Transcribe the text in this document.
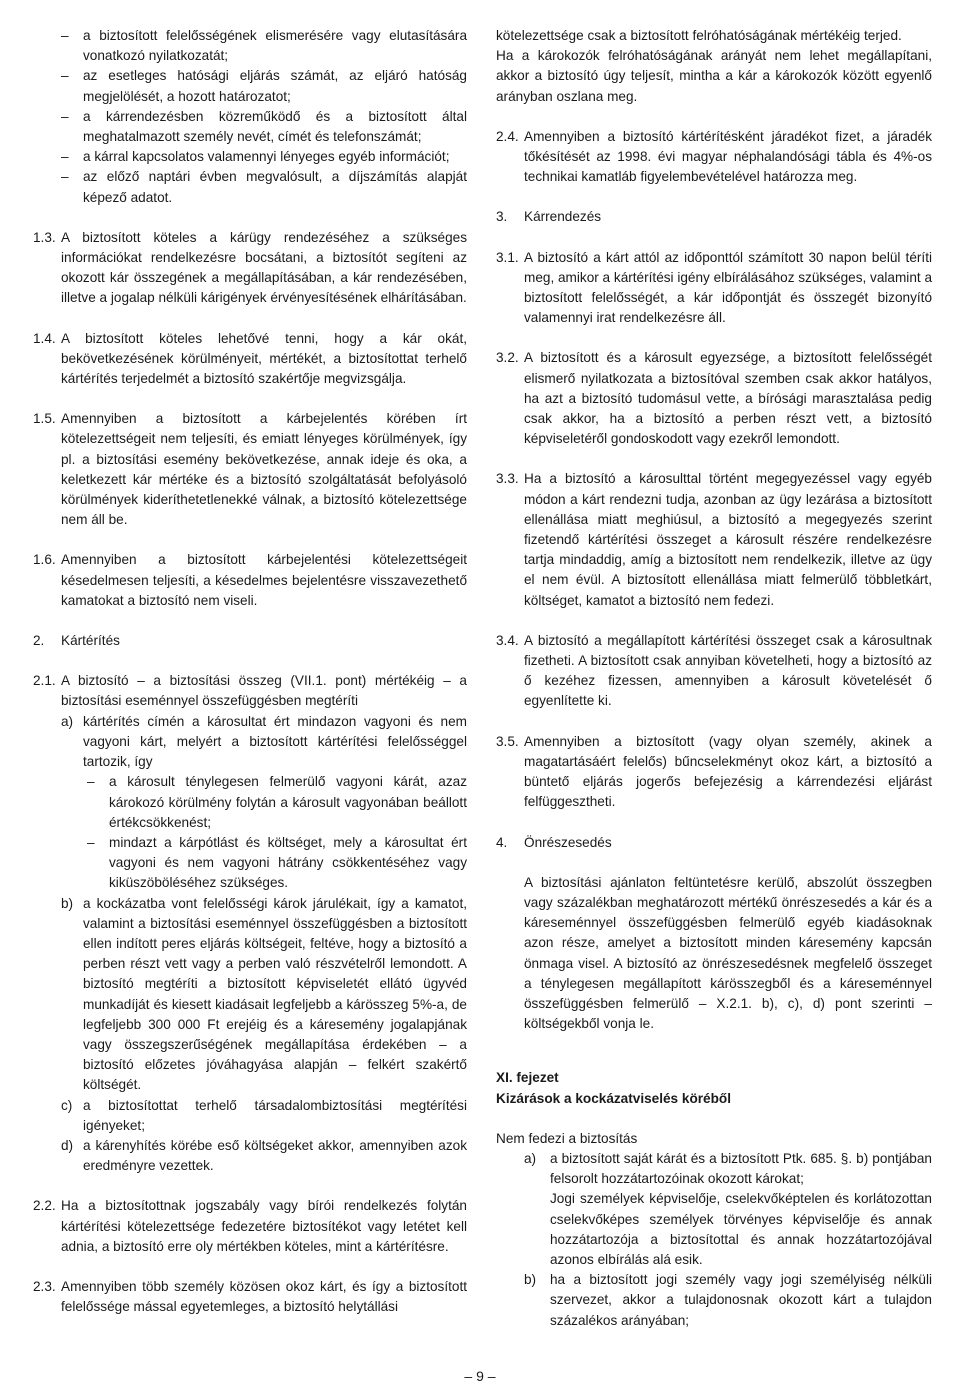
– a biztosított felelősségének elismerésére vagy elutasítására vonatkozó nyilatkozatát;
– az esetleges hatósági eljárás számát, az eljáró hatóság megjelölését, a hozott határozatot;
– a kárrendezésben közreműködő és a biztosított által meghatalmazott személy nevét, címét és telefonszámát;
– a kárral kapcsolatos valamennyi lényeges egyéb információt;
– az előző naptári évben megvalósult, a díjszámítás alapját képező adatot.
1.3. A biztosított köteles a kárügy rendezéséhez a szükséges információkat rendelkezésre bocsátani, a biztosítót segíteni az okozott kár összegének a megállapításában, a kár rendezésében, illetve a jogalap nélküli kárigények érvényesítésének elhárításában.
1.4. A biztosított köteles lehetővé tenni, hogy a kár okát, bekövetkezésének körülményeit, mértékét, a biztosítottat terhelő kártérítés terjedelmét a biztosító szakértője megvizsgálja.
1.5. Amennyiben a biztosított a kárbejelentés körében írt kötelezettségeit nem teljesíti, és emiatt lényeges körülmények, így pl. a biztosítási esemény bekövetkezése, annak ideje és oka, a keletkezett kár mértéke és a biztosító szolgáltatását befolyásoló körülmények kideríthetetlenekké válnak, a biztosító kötelezettsége nem áll be.
1.6. Amennyiben a biztosított kárbejelentési kötelezettségeit késedelmesen teljesíti, a késedelmes bejelentésre visszavezethető kamatokat a biztosító nem viseli.
2. Kártérítés
2.1. A biztosító – a biztosítási összeg (VII.1. pont) mértékéig – a biztosítási eseménnyel összefüggésben megtéríti
a) kártérítés címén a károsultat ért mindazon vagyoni és nem vagyoni kárt, melyért a biztosított kártérítési felelősséggel tartozik, így
– a károsult ténylegesen felmerülő vagyoni kárát, azaz károkozó körülmény folytán a károsult vagyonában beállott értékcsökkenést;
– mindazt a kárpótlást és költséget, mely a károsultat ért vagyoni és nem vagyoni hátrány csökkentéséhez vagy kiküszöböléséhez szükséges.
b) a kockázatba vont felelősségi károk járulékait, így a kamatot, valamint a biztosítási eseménnyel összefüggésben a biztosított ellen indított peres eljárás költségeit, feltéve, hogy a biztosító a perben részt vett vagy a perben való részvételről lemondott. A biztosító megtéríti a biztosított képviseletét ellátó ügyvéd munkadíját és kiesett kiadásait legfeljebb a kárösszeg 5%-a, de legfeljebb 300 000 Ft erejéig és a káresemény jogalapjának vagy összegszerűségének megállapítása érdekében – a biztosító előzetes jóváhagyása alapján – felkért szakértő költségét.
c) a biztosítottat terhelő társadalombiztosítási megtérítési igényeket;
d) a kárenyhítés körébe eső költségeket akkor, amennyiben azok eredményre vezettek.
2.2. Ha a biztosítottnak jogszabály vagy bírói rendelkezés folytán kártérítési kötelezettsége fedezetére biztosítékot vagy letétet kell adnia, a biztosító erre oly mértékben köteles, mint a kártérítésre.
2.3. Amennyiben több személy közösen okoz kárt, és így a biztosított felelőssége mással egyetemleges, a biztosító helytállási

kötelezettsége csak a biztosított felróhatóságának mértékéig terjed.

Ha a károkozók felróhatóságának arányát nem lehet megállapítani, akkor a biztosító úgy teljesít, mintha a kár a károkozók között egyenlő arányban oszlana meg.

2.4. Amennyiben a biztosító kártérítésként járadékot fizet, a járadék tőkésítését az 1998. évi magyar néphalandósági tábla és 4%-os technikai kamatláb figyelembevételével határozza meg.
3. Kárrendezés
3.1. A biztosító a kárt attól az időponttól számított 30 napon belül téríti meg, amikor a kártérítési igény elbírálásához szükséges, valamint a biztosított felelősségét, a kár időpontját és összegét bizonyító valamennyi irat rendelkezésre áll.
3.2. A biztosított és a károsult egyezsége, a biztosított felelősségét elismerő nyilatkozata a biztosítóval szemben csak akkor hatályos, ha azt a biztosító tudomásul vette, a bírósági marasztalása pedig csak akkor, ha a biztosító a perben részt vett, a biztosító képviseletéről gondoskodott vagy ezekről lemondott.
3.3. Ha a biztosító a károsulttal történt megegyezéssel vagy egyéb módon a kárt rendezni tudja, azonban az ügy lezárása a biztosított ellenállása miatt meghiúsul, a biztosító a megegyezés szerint fizetendő kártérítési összeget a károsult részére rendelkezésre tartja mindaddig, amíg a biztosított nem rendelkezik, illetve az ügy el nem évül. A biztosított ellenállása miatt felmerülő többletkárt, költséget, kamatot a biztosító nem fedezi.
3.4. A biztosító a megállapított kártérítési összeget csak a károsultnak fizetheti. A biztosított csak annyiban követelheti, hogy a biztosító az ő kezéhez fizessen, amennyiben a károsult követelését ő egyenlítette ki.
3.5. Amennyiben a biztosított (vagy olyan személy, akinek a magatartásáért felelős) bűncselekményt okoz kárt, a biztosító a büntető eljárás jogerős befejezésig a kárrendezési eljárást felfüggesztheti.
4. Önrészesedés
A biztosítási ajánlaton feltüntetésre kerülő, abszolút összegben vagy százalékban meghatározott mértékű önrészesedés a kár és a káreseménnyel összefüggésben felmerülő egyéb kiadásoknak azon része, amelyet a biztosított minden káresemény kapcsán önmaga visel. A biztosító az önrészesedésnek megfelelő összeget a ténylegesen megállapított kárösszegből és a káreseménnyel összefüggésben felmerülő – X.2.1. b), c), d) pont szerinti – költségekből vonja le.

XI. fejezet

Kizárások a kockázatviselés köréből

Nem fedezi a biztosítás

a)	a biztosított saját kárát és a biztosított Ptk. 685. §. b) pontjában felsorolt hozzátartozóinak okozott károkat;
Jogi személyek képviselője, cselekvőképtelen és korlátozottan cselekvőképes személyek törvényes képviselője és annak hozzátartozója a biztosítottal és annak hozzátartozójával azonos elbírálás alá esik.
b)	ha a biztosított jogi személy vagy jogi személyiség nélküli szervezet, akkor a tulajdonosnak okozott kárt a tulajdon százalékos arányában;
– 9 –
